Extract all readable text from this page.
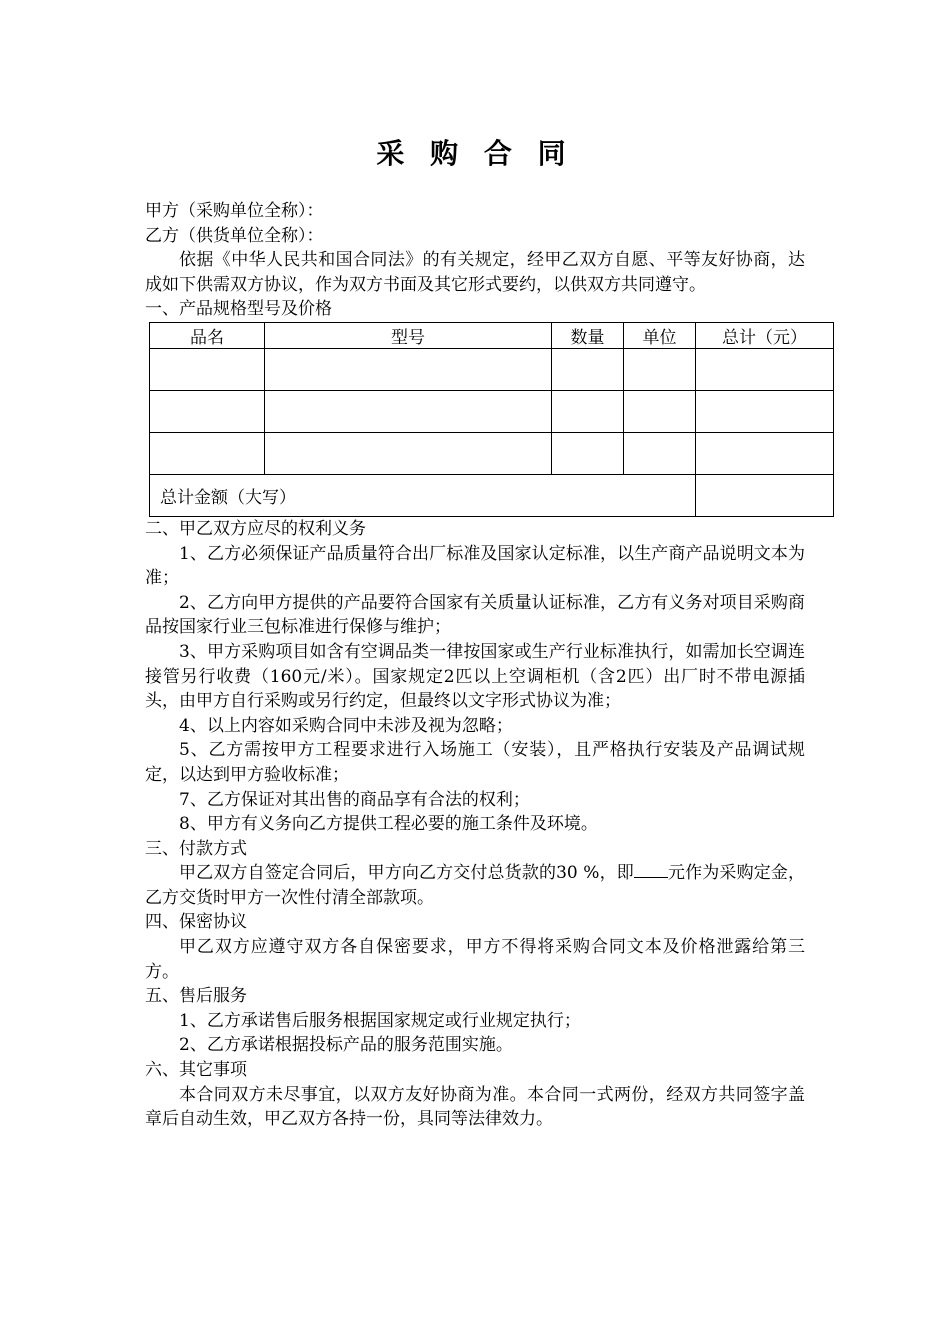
采 购 合 同

甲方（采购单位全称）：

乙方（供货单位全称）：

依据《中华人民共和国合同法》的有关规定，经甲乙双方自愿、平等友好协商，达成如下供需双方协议，作为双方书面及其它形式要约，以供双方共同遵守。

一、产品规格型号及价格

品名	型号	数量	单位	总计（元）

总计金额（大写）				

二、甲乙双方应尽的权利义务

1、乙方必须保证产品质量符合出厂标准及国家认定标准，以生产商产品说明文本为准；

2、乙方向甲方提供的产品要符合国家有关质量认证标准，乙方有义务对项目采购商品按国家行业三包标准进行保修与维护；

3、甲方采购项目如含有空调品类一律按国家或生产行业标准执行，如需加长空调连接管另行收费（160元/米）。国家规定2匹以上空调柜机（含2匹）出厂时不带电源插头，由甲方自行采购或另行约定，但最终以文字形式协议为准；

4、以上内容如采购合同中未涉及视为忽略；

5、乙方需按甲方工程要求进行入场施工（安装），且严格执行安装及产品调试规定，以达到甲方验收标准；

7、乙方保证对其出售的商品享有合法的权利；

8、甲方有义务向乙方提供工程必要的施工条件及环境。

三、付款方式

甲乙双方自签定合同后，甲方向乙方交付总货款的30 %，即 元作为采购定金，乙方交货时甲方一次性付清全部款项。

四、保密协议

甲乙双方应遵守双方各自保密要求，甲方不得将采购合同文本及价格泄露给第三方。

五、售后服务

1、乙方承诺售后服务根据国家规定或行业规定执行；

2、乙方承诺根据投标产品的服务范围实施。

六、其它事项

本合同双方未尽事宜，以双方友好协商为准。本合同一式两份，经双方共同签字盖章后自动生效，甲乙双方各持一份，具同等法律效力。
